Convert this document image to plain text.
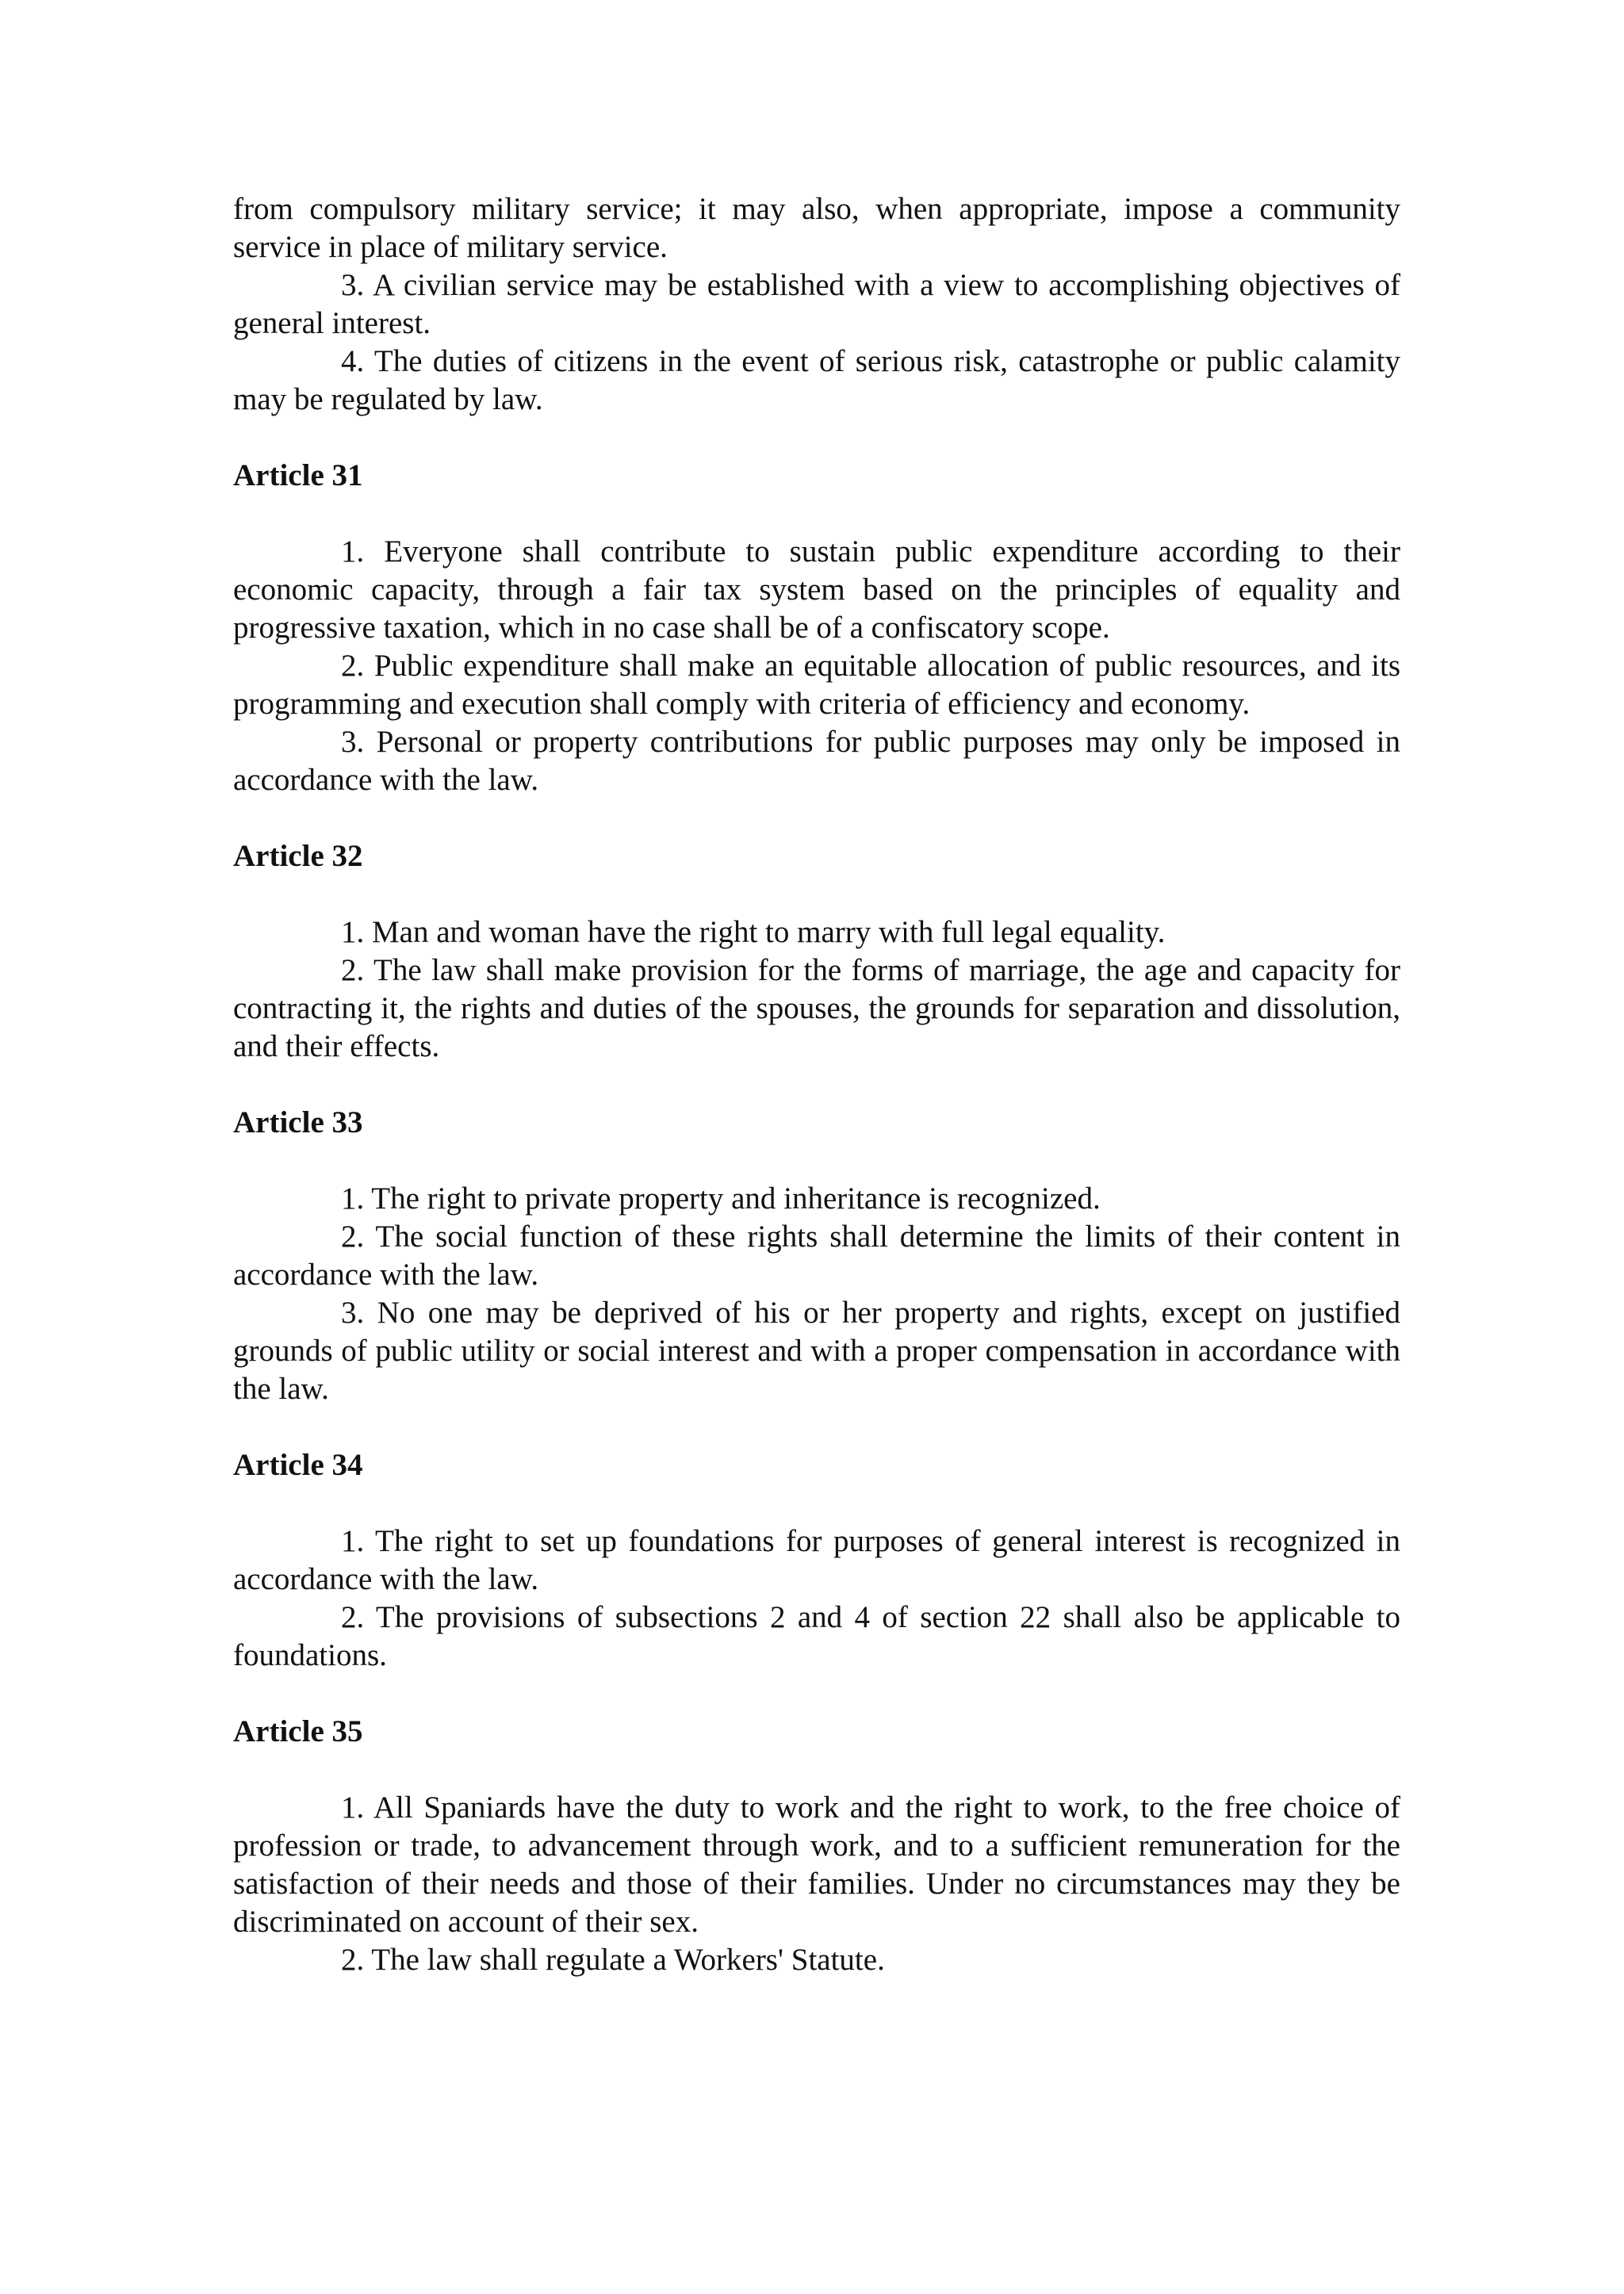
from compulsory military service; it may also, when appropriate, impose a community service in place of military service.

3. A civilian service may be established with a view to accomplishing objectives of general interest.

4. The duties of citizens in the event of serious risk, catastrophe or public calamity may be regulated by law.

Article 31

1. Everyone shall contribute to sustain public expenditure according to their economic capacity, through a fair tax system based on the principles of equality and progressive taxation, which in no case shall be of a confiscatory scope.

2. Public expenditure shall make an equitable allocation of public resources, and its programming and execution shall comply with criteria of efficiency and economy.

3. Personal or property contributions for public purposes may only be imposed in accordance with the law.

Article 32

1. Man and woman have the right to marry with full legal equality.

2. The law shall make provision for the forms of marriage, the age and capacity for contracting it, the rights and duties of the spouses, the grounds for separation and dissolution, and their effects.

Article 33

1. The right to private property and inheritance is recognized.

2. The social function of these rights shall determine the limits of their content in accordance with the law.

3. No one may be deprived of his or her property and rights, except on justified grounds of public utility or social interest and with a proper compensation in accordance with the law.

Article 34

1. The right to set up foundations for purposes of general interest is recognized in accordance with the law.

2. The provisions of subsections 2 and 4 of section 22 shall also be applicable to foundations.

Article 35

1. All Spaniards have the duty to work and the right to work, to the free choice of profession or trade, to advancement through work, and to a sufficient remuneration for the satisfaction of their needs and those of their families. Under no circumstances may they be discriminated on account of their sex.

2. The law shall regulate a Workers' Statute.
